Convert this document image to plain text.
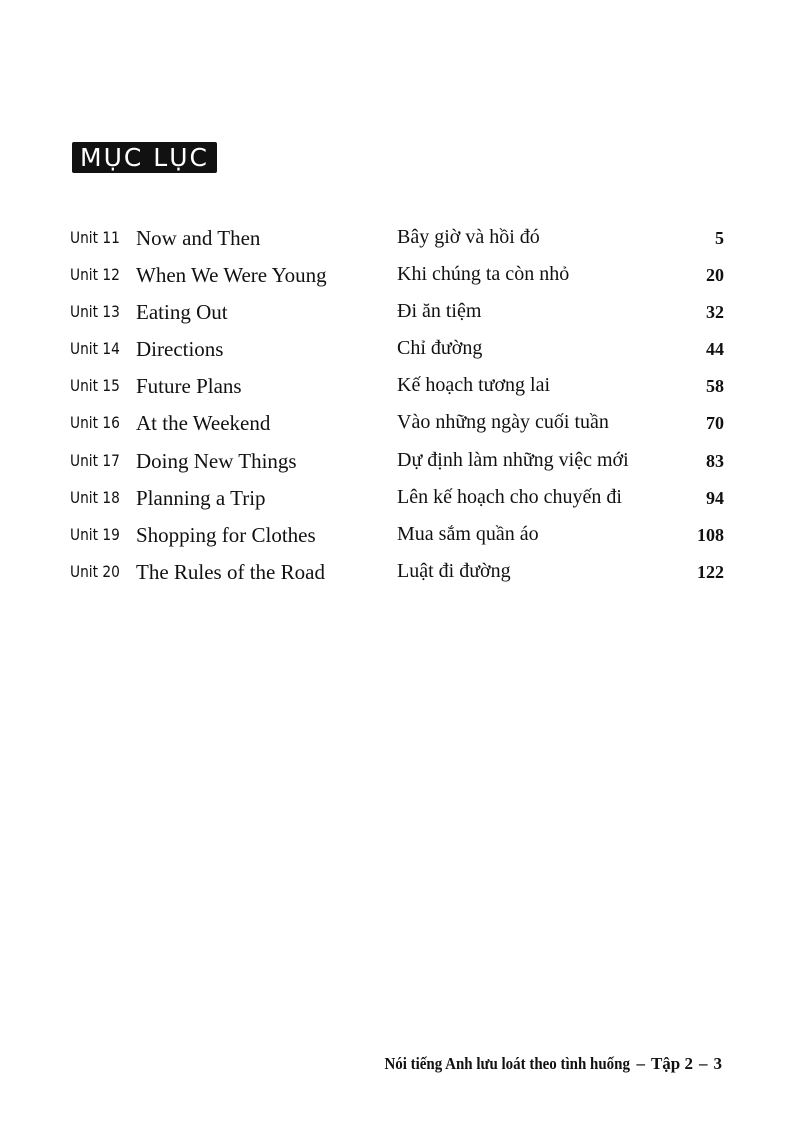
MỤC LỤC
Unit 11 Now and Then	Bây giờ và hồi đó	5
Unit 12 When We Were Young	Khi chúng ta còn nhỏ	20
Unit 13 Eating Out	Đi ăn tiệm	32
Unit 14 Directions	Chỉ đường	44
Unit 15 Future Plans	Kế hoạch tương lai	58
Unit 16 At the Weekend	Vào những ngày cuối tuần	70
Unit 17 Doing New Things	Dự định làm những việc mới	83
Unit 18 Planning a Trip	Lên kế hoạch cho chuyến đi	94
Unit 19 Shopping for Clothes	Mua sắm quần áo	108
Unit 20 The Rules of the Road	Luật đi đường	122
Nói tiếng Anh lưu loát theo tình huống – Tập 2 – 3
